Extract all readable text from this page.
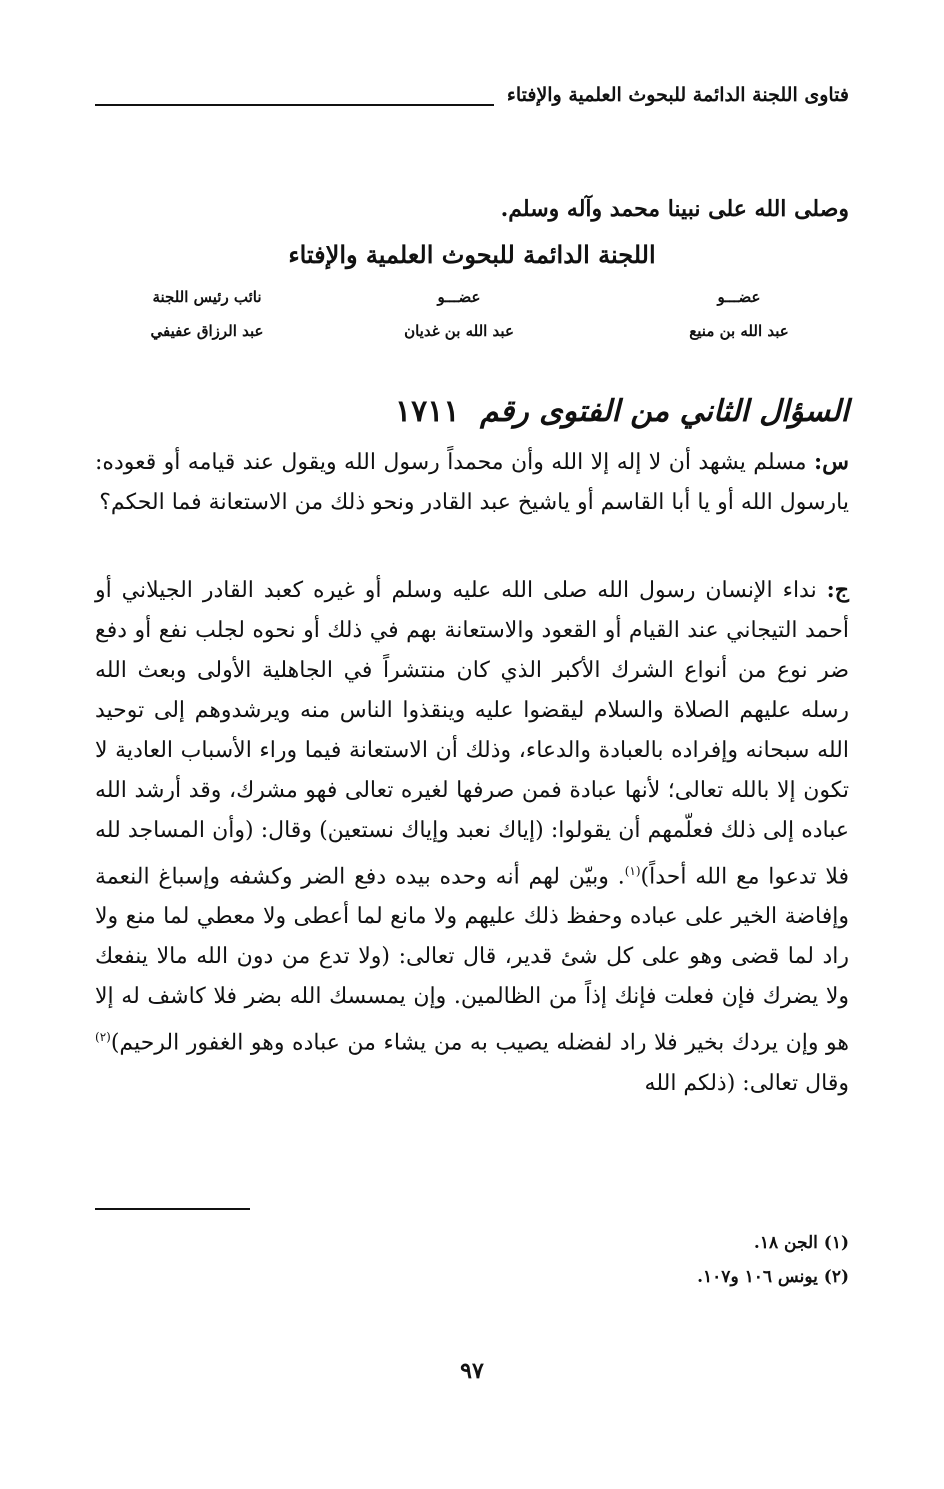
فتاوى اللجنة الدائمة للبحوث العلمية والإفتاء
وصلى الله على نبينا محمد وآله وسلم.
اللجنة الدائمة للبحوث العلمية والإفتاء
عضـــو
عبد الله بن منيع
عضـــو
عبد الله بن غديان
نائب رئيس اللجنة
عبد الرزاق عفيفي
السؤال الثاني من الفتوى رقم ١٧١١
س: مسلم يشهد أن لا إله إلا الله وأن محمداً رسول الله ويقول عند قيامه أو قعوده: يارسول الله أو يا أبا القاسم أو ياشيخ عبد القادر ونحو ذلك من الاستعانة فما الحكم؟
ج: نداء الإنسان رسول الله صلى الله عليه وسلم أو غيره كعبد القادر الجيلاني أو أحمد التيجاني عند القيام أو القعود والاستعانة بهم في ذلك أو نحوه لجلب نفع أو دفع ضر نوع من أنواع الشرك الأكبر الذي كان منتشراً في الجاهلية الأولى وبعث الله رسله عليهم الصلاة والسلام ليقضوا عليه وينقذوا الناس منه ويرشدوهم إلى توحيد الله سبحانه وإفراده بالعبادة والدعاء، وذلك أن الاستعانة فيما وراء الأسباب العادية لا تكون إلا بالله تعالى؛ لأنها عبادة فمن صرفها لغيره تعالى فهو مشرك، وقد أرشد الله عباده إلى ذلك فعلّمهم أن يقولوا: (إياك نعبد وإياك نستعين) وقال: (وأن المساجد لله فلا تدعوا مع الله أحداً)$^{(١)}$. وبيّن لهم أنه وحده بيده دفع الضر وكشفه وإسباغ النعمة وإفاضة الخير على عباده وحفظ ذلك عليهم ولا مانع لما أعطى ولا معطي لما منع ولا راد لما قضى وهو على كل شئ قدير، قال تعالى: (ولا تدع من دون الله مالا ينفعك ولا يضرك فإن فعلت فإنك إذاً من الظالمين. وإن يمسسك الله بضر فلا كاشف له إلا هو وإن يردك بخير فلا راد لفضله يصيب به من يشاء من عباده وهو الغفور الرحيم)$^{(٢)}$ وقال تعالى: (ذلكم الله
(١) الجن ١٨.
(٢) يونس ١٠٦ و١٠٧.
٩٧
